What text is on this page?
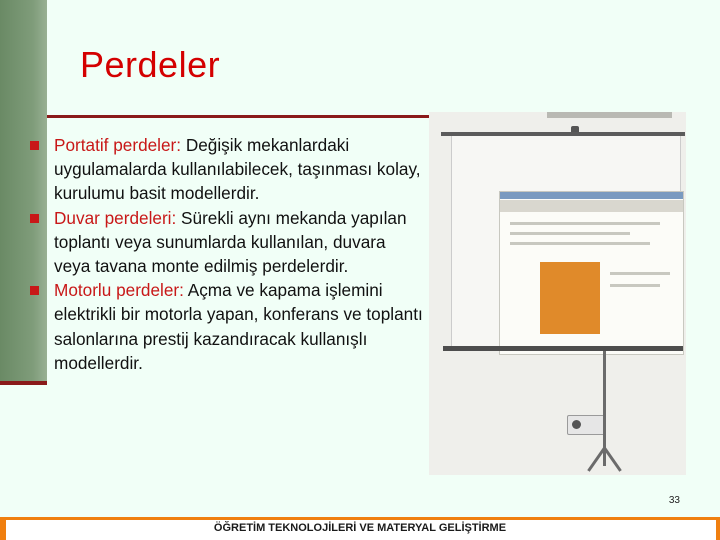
Perdeler
Portatif perdeler: Değişik mekanlardaki uygulamalarda kullanılabilecek, taşınması kolay, kurulumu basit modellerdir.
Duvar perdeleri: Sürekli aynı mekanda yapılan toplantı veya sunumlarda kullanılan, duvara veya tavana monte edilmiş perdelerdir.
Motorlu perdeler: Açma ve kapama işlemini elektrikli bir motorla yapan, konferans ve toplantı salonlarına prestij kazandıracak kullanışlı modellerdir.
33
ÖĞRETİM TEKNOLOJİLERİ VE MATERYAL GELİŞTİRME
